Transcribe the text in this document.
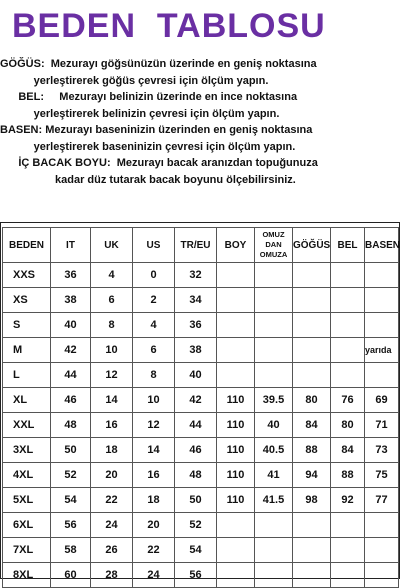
BEDEN  TABLOSU
GÖĞÜS:  Mezurayı göğsünüzün üzerinde en geniş noktasına
yerleştirerek göğüs çevresi için ölçüm yapın.
BEL:     Mezurayı belinizin üzerinde en ince noktasına
yerleştirerek belinizin çevresi için ölçüm yapın.
BASEN: Mezurayı baseninizin üzerinden en geniş noktasına
yerleştirerek baseninizin çevresi için ölçüm yapın.
İÇ BACAK BOYU:  Mezurayı bacak aranızdan topuğunuza
kadar düz tutarak bacak boyunu ölçebilirsiniz.
BEDEN	IT	UK	US	TR/EU	BOY	OMUZ DAN OMUZA	GÖĞÜS	BEL	BASEN
XXS	36	4	0	32					
XS	38	6	2	34					
S	40	8	4	36					
M	42	10	6	38					yarıda
L	44	12	8	40					
XL	46	14	10	42	110	39.5	80	76	69
XXL	48	16	12	44	110	40	84	80	71
3XL	50	18	14	46	110	40.5	88	84	73
4XL	52	20	16	48	110	41	94	88	75
5XL	54	22	18	50	110	41.5	98	92	77
6XL	56	24	20	52					
7XL	58	26	22	54					
8XL	60	28	24	56					
